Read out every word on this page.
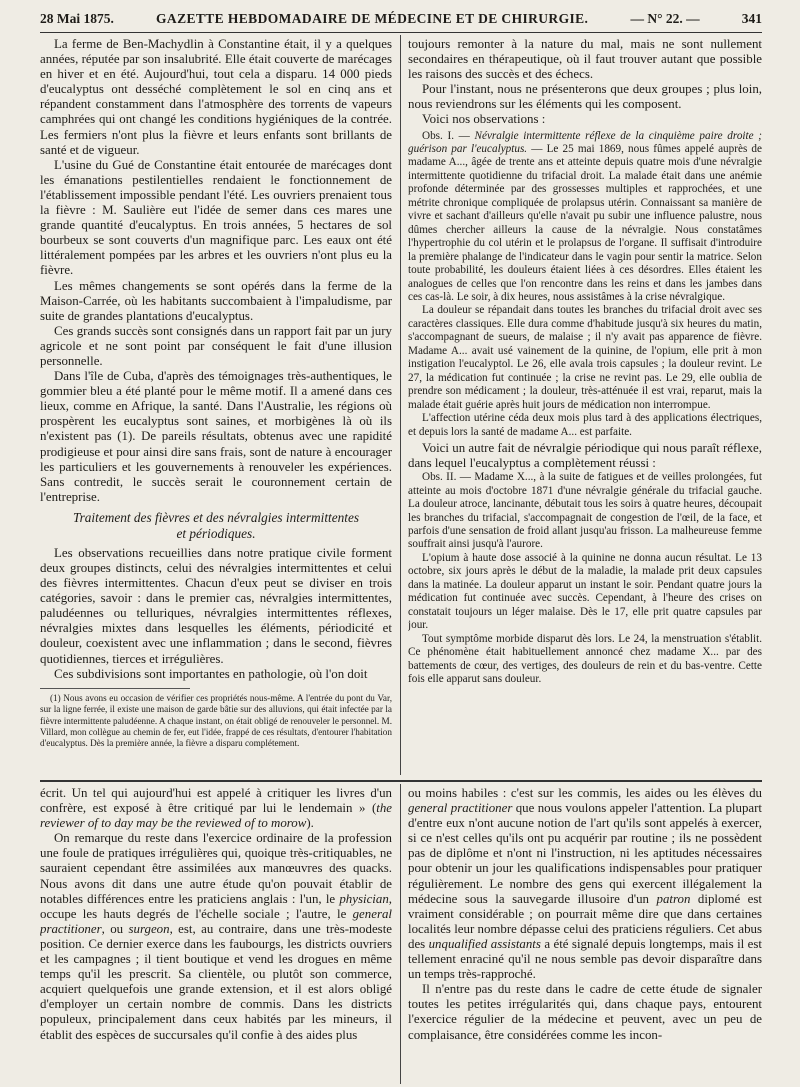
28 Mai 1875.	GAZETTE HEBDOMADAIRE DE MÉDECINE ET DE CHIRURGIE.	— N° 22. —	341

La ferme de Ben-Machydlin à Constantine était, il y a quelques années, réputée par son insalubrité. Elle était couverte de marécages en hiver et en été. Aujourd'hui, tout cela a disparu. 14 000 pieds d'eucalyptus ont desséché complètement le sol en cinq ans et répandent constamment dans l'atmosphère des torrents de vapeurs camphrées qui ont changé les conditions hygiéniques de la contrée. Les fermiers n'ont plus la fièvre et leurs enfants sont brillants de santé et de vigueur.

L'usine du Gué de Constantine était entourée de marécages dont les émanations pestilentielles rendaient le fonctionnement de l'établissement impossible pendant l'été. Les ouvriers prenaient tous la fièvre : M. Saulière eut l'idée de semer dans ces mares une grande quantité d'eucalyptus. En trois années, 5 hectares de sol bourbeux se sont couverts d'un magnifique parc. Les eaux ont été littéralement pompées par les arbres et les ouvriers n'ont plus eu la fièvre.

Les mêmes changements se sont opérés dans la ferme de la Maison-Carrée, où les habitants succombaient à l'impaludisme, par suite de grandes plantations d'eucalyptus.

Ces grands succès sont consignés dans un rapport fait par un jury agricole et ne sont point par conséquent le fait d'une illusion personnelle.

Dans l'île de Cuba, d'après des témoignages très-authentiques, le gommier bleu a été planté pour le même motif. Il a amené dans ces lieux, comme en Afrique, la santé. Dans l'Australie, les régions où prospèrent les eucalyptus sont saines, et morbigènes là où ils n'existent pas (1). De pareils résultats, obtenus avec une rapidité prodigieuse et pour ainsi dire sans frais, sont de nature à encourager les particuliers et les gouvernements à renouveler les expériences. Sans contredit, le succès serait le couronnement certain de l'entreprise.

Traitement des fièvres et des névralgies intermittentes
et périodiques.

Les observations recueillies dans notre pratique civile forment deux groupes distincts, celui des névralgies intermittentes et celui des fièvres intermittentes. Chacun d'eux peut se diviser en trois catégories, savoir : dans le premier cas, névralgies intermittentes, paludéennes ou telluriques, névralgies intermittentes réflexes, névralgies mixtes dans lesquelles les éléments, périodicité et douleur, coexistent avec une inflammation ; dans le second, fièvres quotidiennes, tierces et irrégulières.

Ces subdivisions sont importantes en pathologie, où l'on doit

(1) Nous avons eu occasion de vérifier ces propriétés nous-même. A l'entrée du pont du Var, sur la ligne ferrée, il existe une maison de garde bâtie sur des alluvions, qui était infectée par la fièvre intermittente paludéenne. A chaque instant, on était obligé de renouveler le personnel. M. Villard, mon collègue au chemin de fer, eut l'idée, frappé de ces résultats, d'entourer l'habitation d'eucalyptus. Dès la première année, la fièvre a disparu complétement.

toujours remonter à la nature du mal, mais ne sont nullement secondaires en thérapeutique, où il faut trouver autant que possible les raisons des succès et des échecs.

Pour l'instant, nous ne présenterons que deux groupes ; plus loin, nous reviendrons sur les éléments qui les composent.

Voici nos observations :

Obs. I. — Névralgie intermittente réflexe de la cinquième paire droite ; guérison par l'eucalyptus. — Le 25 mai 1869, nous fûmes appelé auprès de madame A..., âgée de trente ans et atteinte depuis quatre mois d'une névralgie intermittente quotidienne du trifacial droit. La malade était dans une anémie profonde déterminée par des grossesses multiples et rapprochées, et une métrite chronique compliquée de prolapsus utérin. Connaissant sa manière de vivre et sachant d'ailleurs qu'elle n'avait pu subir une influence palustre, nous dûmes chercher ailleurs la cause de la névralgie. Nous constatâmes l'hypertrophie du col utérin et le prolapsus de l'organe. Il suffisait d'introduire la première phalange de l'indicateur dans le vagin pour sentir la matrice. Selon toute probabilité, les douleurs étaient liées à ces désordres. Elles étaient les analogues de celles que l'on rencontre dans les reins et dans les jambes dans ces cas-là. Le soir, à dix heures, nous assistâmes à la crise névralgique.

La douleur se répandait dans toutes les branches du trifacial droit avec ses caractères classiques. Elle dura comme d'habitude jusqu'à six heures du matin, s'accompagnant de sueurs, de malaise ; il n'y avait pas apparence de fièvre. Madame A... avait usé vainement de la quinine, de l'opium, elle prit à mon instigation l'eucalyptol. Le 26, elle avala trois capsules ; la douleur revint. Le 27, la médication fut continuée ; la crise ne revint pas. Le 29, elle oublia de prendre son médicament ; la douleur, très-atténuée il est vrai, reparut, mais la malade était guérie après huit jours de médication non interrompue.

L'affection utérine céda deux mois plus tard à des applications électriques, et depuis lors la santé de madame A... est parfaite.

Voici un autre fait de névralgie périodique qui nous paraît réflexe, dans lequel l'eucalyptus a complètement réussi :

Obs. II. — Madame X..., à la suite de fatigues et de veilles prolongées, fut atteinte au mois d'octobre 1871 d'une névralgie générale du trifacial gauche. La douleur atroce, lancinante, débutait tous les soirs à quatre heures, découpait les branches du trifacial, s'accompagnait de congestion de l'œil, de la face, et parfois d'une sensation de froid allant jusqu'au frisson. La malheureuse femme souffrait ainsi jusqu'à l'aurore.

L'opium à haute dose associé à la quinine ne donna aucun résultat. Le 13 octobre, six jours après le début de la maladie, la malade prit deux capsules dans la matinée. La douleur apparut un instant le soir. Pendant quatre jours la médication fut continuée avec succès. Cependant, à l'heure des crises on constatait toujours un léger malaise. Dès le 17, elle prit quatre capsules par jour.

Tout symptôme morbide disparut dès lors. Le 24, la menstruation s'établit. Ce phénomène était habituellement annoncé chez madame X... par des battements de cœur, des vertiges, des douleurs de rein et du bas-ventre. Cette fois elle apparut sans douleur.

écrit. Un tel qui aujourd'hui est appelé à critiquer les livres d'un confrère, est exposé à être critiqué par lui le lendemain » (the reviewer of to day may be the reviewed of to morow).

On remarque du reste dans l'exercice ordinaire de la profession une foule de pratiques irrégulières qui, quoique très-critiquables, ne sauraient cependant être assimilées aux manœuvres des quacks. Nous avons dit dans une autre étude qu'on pouvait établir de notables différences entre les praticiens anglais : l'un, le physician, occupe les hauts degrés de l'échelle sociale ; l'autre, le general practitioner, ou surgeon, est, au contraire, dans une très-modeste position. Ce dernier exerce dans les faubourgs, les districts ouvriers et les campagnes ; il tient boutique et vend les drogues en même temps qu'il les prescrit. Sa clientèle, ou plutôt son commerce, acquiert quelquefois une grande extension, et il est alors obligé d'employer un certain nombre de commis. Dans les districts populeux, principalement dans ceux habités par les mineurs, il établit des espèces de succursales qu'il confie à des aides plus

ou moins habiles : c'est sur les commis, les aides ou les élèves du general practitioner que nous voulons appeler l'attention. La plupart d'entre eux n'ont aucune notion de l'art qu'ils sont appelés à exercer, si ce n'est celles qu'ils ont pu acquérir par routine ; ils ne possèdent pas de diplôme et n'ont ni l'instruction, ni les aptitudes nécessaires pour obtenir un jour les qualifications indispensables pour pratiquer régulièrement. Le nombre des gens qui exercent illégalement la médecine sous la sauvegarde illusoire d'un patron diplomé est vraiment considérable ; on pourrait même dire que dans certaines localités leur nombre dépasse celui des praticiens réguliers. Cet abus des unqualified assistants a été signalé depuis longtemps, mais il est tellement enraciné qu'il ne nous semble pas devoir disparaître dans un temps très-rapproché.

Il n'entre pas du reste dans le cadre de cette étude de signaler toutes les petites irrégularités qui, dans chaque pays, entourent l'exercice régulier de la médecine et peuvent, avec un peu de complaisance, être considérées comme les incon-
